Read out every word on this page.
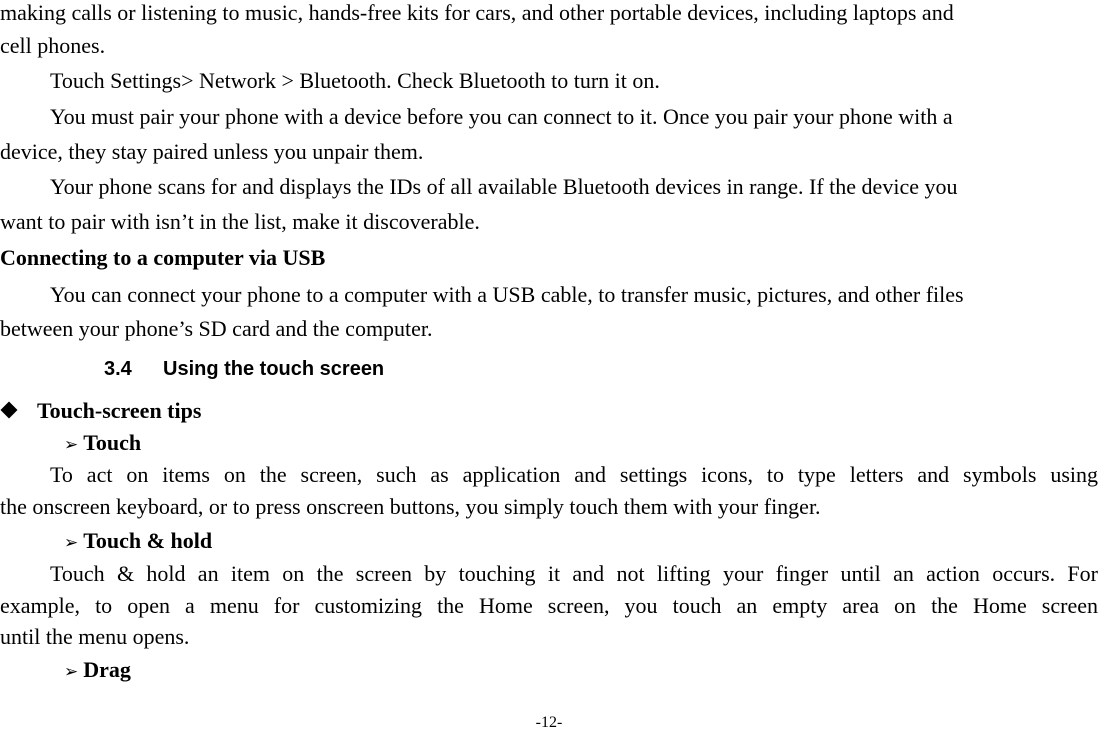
making calls or listening to music, hands-free kits for cars, and other portable devices, including laptops and
cell phones.
Touch Settings> Network > Bluetooth. Check Bluetooth to turn it on.
You must pair your phone with a device before you can connect to it. Once you pair your phone with a
device, they stay paired unless you unpair them.
Your phone scans for and displays the IDs of all available Bluetooth devices in range. If the device you
want to pair with isn’t in the list, make it discoverable.
Connecting to a computer via USB
You can connect your phone to a computer with a USB cable, to transfer music, pictures, and other files
between your phone’s SD card and the computer.
3.4 Using the touch screen
Touch-screen tips
➢ Touch
To act on items on the screen, such as application and settings icons, to type letters and symbols using
the onscreen keyboard, or to press onscreen buttons, you simply touch them with your finger.
➢ Touch & hold
Touch & hold an item on the screen by touching it and not lifting your finger until an action occurs. For
example, to open a menu for customizing the Home screen, you touch an empty area on the Home screen
until the menu opens.
➢ Drag
-12-
